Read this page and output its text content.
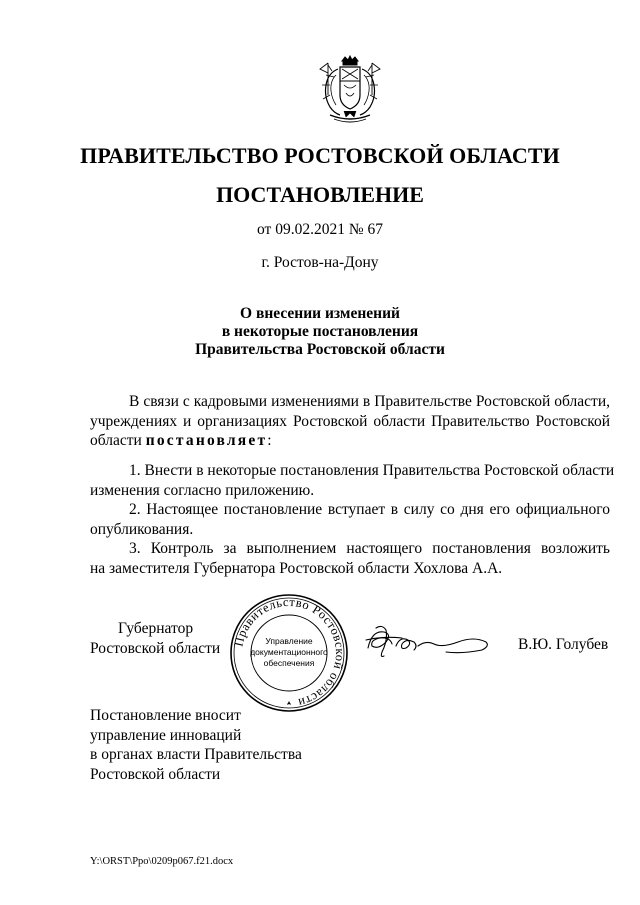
ПРАВИТЕЛЬСТВО РОСТОВСКОЙ ОБЛАСТИ
ПОСТАНОВЛЕНИЕ
от 09.02.2021 № 67
г. Ростов-на-Дону
О внесении изменений
в некоторые постановления
Правительства Ростовской области
В связи с кадровыми изменениями в Правительстве Ростовской области,
учреждениях и организациях Ростовской области Правительство Ростовской
области постановляет:
1. Внести в некоторые постановления Правительства Ростовской области
изменения согласно приложению.
2. Настоящее постановление вступает в силу со дня его официального
опубликования.
3. Контроль за выполнением настоящего постановления возложить
на заместителя Губернатора Ростовской области Хохлова А.А.
Губернатор
Ростовской области Правительство Ростовской области
Управление
документационного
обеспечения
В.Ю. Голубев
Постановление вносит
управление инноваций
в органах власти Правительства
Ростовской области
Y:\ORST\Ppo\0209p067.f21.docx
